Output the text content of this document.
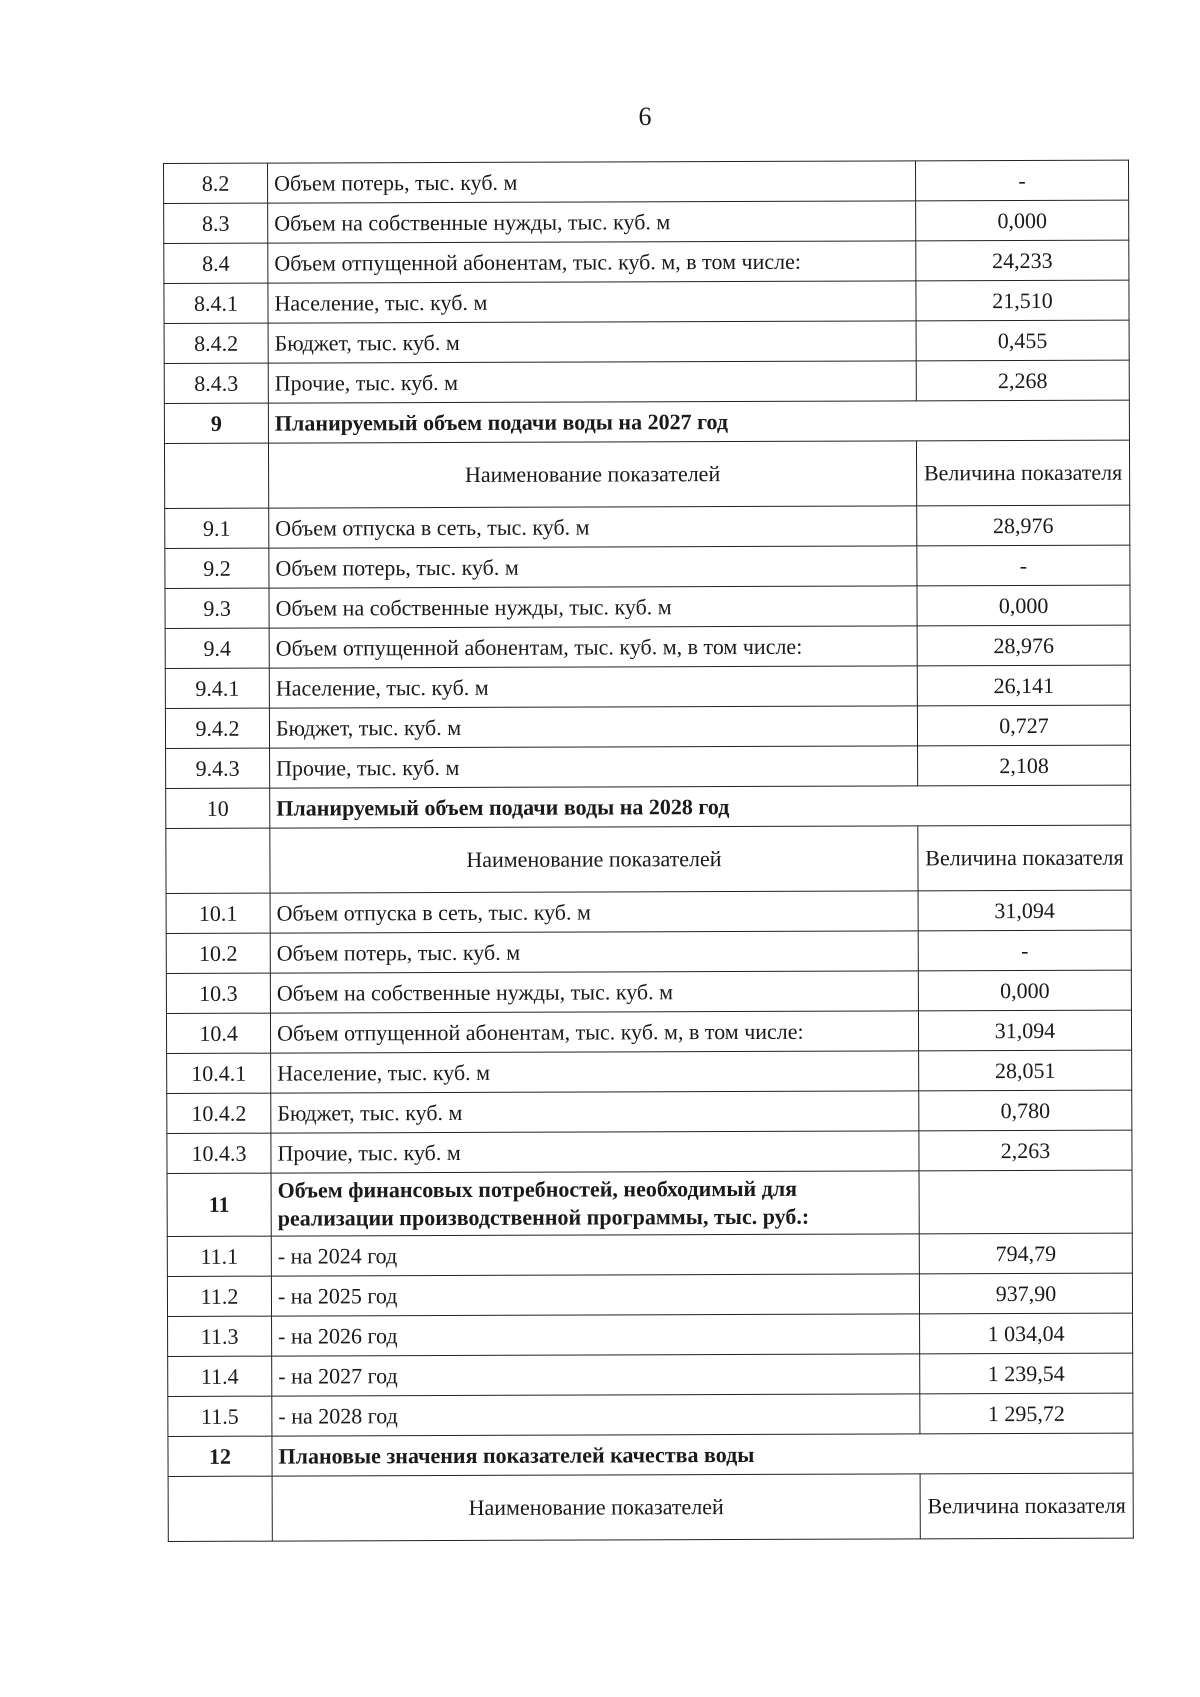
6
8.2	Объем потерь, тыс. куб. м	-
8.3	Объем на собственные нужды, тыс. куб. м	0,000
8.4	Объем отпущенной абонентам, тыс. куб. м, в том числе:	24,233
8.4.1	Население, тыс. куб. м	21,510
8.4.2	Бюджет, тыс. куб. м	0,455
8.4.3	Прочие, тыс. куб. м	2,268
9	Планируемый объем подачи воды на 2027 год	
	Наименование показателей	Величина показателя
9.1	Объем отпуска в сеть, тыс. куб. м	28,976
9.2	Объем потерь, тыс. куб. м	-
9.3	Объем на собственные нужды, тыс. куб. м	0,000
9.4	Объем отпущенной абонентам, тыс. куб. м, в том числе:	28,976
9.4.1	Население, тыс. куб. м	26,141
9.4.2	Бюджет, тыс. куб. м	0,727
9.4.3	Прочие, тыс. куб. м	2,108
10	Планируемый объем подачи воды на 2028 год	
	Наименование показателей	Величина показателя
10.1	Объем отпуска в сеть, тыс. куб. м	31,094
10.2	Объем потерь, тыс. куб. м	-
10.3	Объем на собственные нужды, тыс. куб. м	0,000
10.4	Объем отпущенной абонентам, тыс. куб. м, в том числе:	31,094
10.4.1	Население, тыс. куб. м	28,051
10.4.2	Бюджет, тыс. куб. м	0,780
10.4.3	Прочие, тыс. куб. м	2,263
11	Объем финансовых потребностей, необходимый для реализации производственной программы, тыс. руб.:	
11.1	- на 2024 год	794,79
11.2	- на 2025 год	937,90
11.3	- на 2026 год	1 034,04
11.4	- на 2027 год	1 239,54
11.5	- на 2028 год	1 295,72
12	Плановые значения показателей качества воды	
	Наименование показателей	Величина показателя
